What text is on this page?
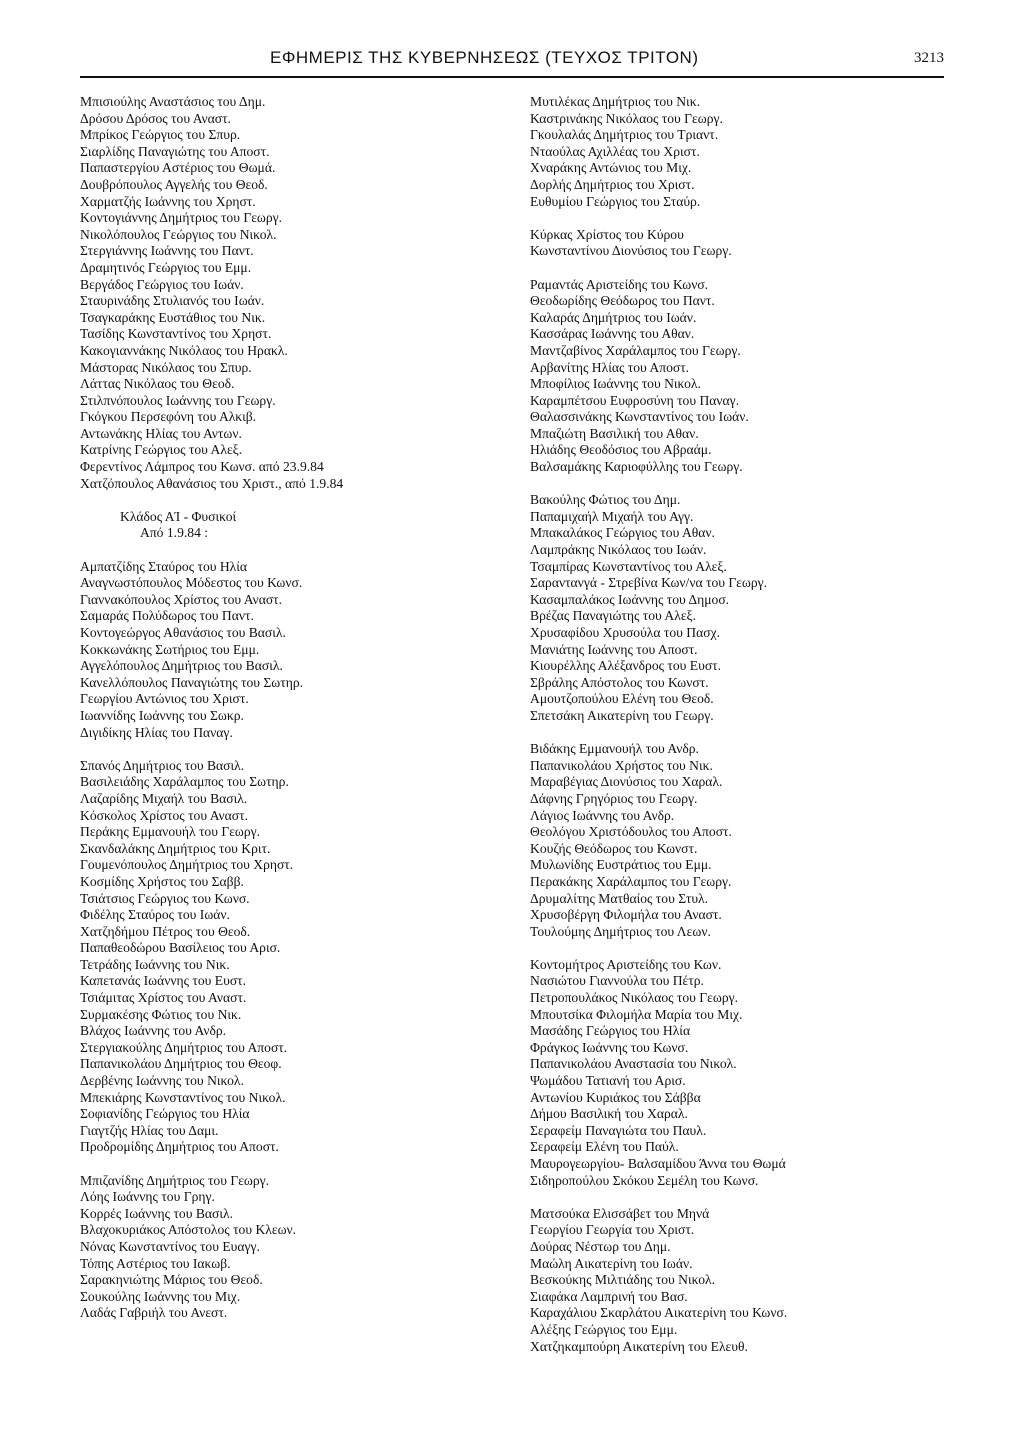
ΕΦΗΜΕΡΙΣ ΤΗΣ ΚΥΒΕΡΝΗΣΕΩΣ (ΤΕΥΧΟΣ ΤΡΙΤΟΝ)	3213
Μπισιούλης Αναστάσιος του Δημ.
Δρόσου Δρόσος του Αναστ.
Μπρίκος Γεώργιος του Σπυρ.
Σιαρλίδης Παναγιώτης του Αποστ.
Παπαστεργίου Αστέριος του Θωμά.
Δουβρόπουλος Αγγελής του Θεοδ.
Χαρματζής Ιωάννης του Χρηστ.
Κοντογιάννης Δημήτριος του Γεωργ.
Νικολόπουλος Γεώργιος του Νικολ.
Στεργιάννης Ιωάννης του Παντ.
Δραμητινός Γεώργιος του Εμμ.
Βεργάδος Γεώργιος του Ιωάν.
Σταυρινάδης Στυλιανός του Ιωάν.
Τσαγκαράκης Ευστάθιος του Νικ.
Τασίδης Κωνσταντίνος του Χρηστ.
Κακογιαννάκης Νικόλαος του Ηρακλ.
Μάστορας Νικόλαος του Σπυρ.
Λάττας Νικόλαος του Θεοδ.
Στιλπνόπουλος Ιωάννης του Γεωργ.
Γκόγκου Περσεφόνη του Αλκιβ.
Αντωνάκης Ηλίας του Αντων.
Κατρίνης Γεώργιος του Αλεξ.
Φερεντίνος Λάμπρος του Κωνσ. από 23.9.84
Χατζόπουλος Αθανάσιος του Χριστ., από 1.9.84
Κλάδος ΑΊ - Φυσικοί
Από 1.9.84 :
Αμπατζίδης Σταύρος του Ηλία
Αναγνωστόπουλος Μόδεστος του Κωνσ.
Γιαννακόπουλος Χρίστος του Αναστ.
Σαμαράς Πολύδωρος του Παντ.
Κοντογεώργος Αθανάσιος του Βασιλ.
Κοκκωνάκης Σωτήριος του Εμμ.
Αγγελόπουλος Δημήτριος του Βασιλ.
Κανελλόπουλος Παναγιώτης του Σωτηρ.
Γεωργίου Αντώνιος του Χριστ.
Ιωαννίδης Ιωάννης του Σωκρ.
Διγιδίκης Ηλίας του Παναγ.
Σπανός Δημήτριος του Βασιλ.
Βασιλειάδης Χαράλαμπος του Σωτηρ.
Λαζαρίδης Μιχαήλ του Βασιλ.
Κόσκολος Χρίστος του Αναστ.
Περάκης Εμμανουήλ του Γεωργ.
Σκανδαλάκης Δημήτριος του Κριτ.
Γουμενόπουλος Δημήτριος του Χρηστ.
Κοσμίδης Χρήστος του Σαββ.
Τσιάτσιος Γεώργιος του Κωνσ.
Φιδέλης Σταύρος του Ιωάν.
Χατζηδήμου Πέτρος του Θεοδ.
Παπαθεοδώρου Βασίλειος του Αρισ.
Τετράδης Ιωάννης του Νικ.
Καπετανάς Ιωάννης του Ευστ.
Τσιάμιτας Χρίστος του Αναστ.
Συρμακέσης Φώτιος του Νικ.
Βλάχος Ιωάννης του Ανδρ.
Στεργιακούλης Δημήτριος του Αποστ.
Παπανικολάου Δημήτριος του Θεοφ.
Δερβένης Ιωάννης του Νικολ.
Μπεκιάρης Κωνσταντίνος του Νικολ.
Σοφιανίδης Γεώργιος του Ηλία
Γιαγτζής Ηλίας του Δαμι.
Προδρομίδης Δημήτριος του Αποστ.
Μπιζανίδης Δημήτριος του Γεωργ.
Λόης Ιωάννης του Γρηγ.
Κορρές Ιωάννης του Βασιλ.
Βλαχοκυριάκος Απόστολος του Κλεων.
Νόνας Κωνσταντίνος του Ευαγγ.
Τόπης Αστέριος του Ιακωβ.
Σαρακηνιώτης Μάριος του Θεοδ.
Σουκούλης Ιωάννης του Μιχ.
Λαδάς Γαβριήλ του Ανεστ.
Μυτιλέκας Δημήτριος του Νικ.
Καστρινάκης Νικόλαος του Γεωργ.
Γκουλαλάς Δημήτριος του Τριαντ.
Νταούλας Αχιλλέας του Χριστ.
Χναράκης Αντώνιος του Μιχ.
Δορλής Δημήτριος του Χριστ.
Ευθυμίου Γεώργιος του Σταύρ.
Κύρκας Χρίστος του Κύρου
Κωνσταντίνου Διονύσιος του Γεωργ.
Ραμαντάς Αριστείδης του Κωνσ.
Θεοδωρίδης Θεόδωρος του Παντ.
Καλαράς Δημήτριος του Ιωάν.
Κασσάρας Ιωάννης του Αθαν.
Μαντζαβίνος Χαράλαμπος του Γεωργ.
Αρβανίτης Ηλίας του Αποστ.
Μποφίλιος Ιωάννης του Νικολ.
Καραμπέτσου Ευφροσύνη του Παναγ.
Θαλασσινάκης Κωνσταντίνος του Ιωάν.
Μπαζιώτη Βασιλική του Αθαν.
Ηλιάδης Θεοδόσιος του Αβραάμ.
Βαλσαμάκης Καριοφύλλης του Γεωργ.
Βακούλης Φώτιος του Δημ.
Παπαμιχαήλ Μιχαήλ του Αγγ.
Μπακαλάκος Γεώργιος του Αθαν.
Λαμπράκης Νικόλαος του Ιωάν.
Τσαμπίρας Κωνσταντίνος του Αλεξ.
Σαραντανγά - Στρεβίνα Κων/να του Γεωργ.
Κασαμπαλάκος Ιωάννης του Δημοσ.
Βρέζας Παναγιώτης του Αλεξ.
Χρυσαφίδου Χρυσούλα του Πασχ.
Μανιάτης Ιωάννης του Αποστ.
Κιουρέλλης Αλέξανδρος του Ευστ.
Σβράλης Απόστολος του Κωνστ.
Αμουτζοπούλου Ελένη του Θεοδ.
Σπετσάκη Αικατερίνη του Γεωργ.
Βιδάκης Εμμανουήλ του Ανδρ.
Παπανικολάου Χρήστος του Νικ.
Μαραβέγιας Διονύσιος του Χαραλ.
Δάφνης Γρηγόριος του Γεωργ.
Λάγιος Ιωάννης του Ανδρ.
Θεολόγου Χριστόδουλος του Αποστ.
Κουζής Θεόδωρος του Κωνστ.
Μυλωνίδης Ευστράτιος του Εμμ.
Περακάκης Χαράλαμπος του Γεωργ.
Δρυμαλίτης Ματθαίος του Στυλ.
Χρυσοβέργη Φιλομήλα του Αναστ.
Τουλούμης Δημήτριος του Λεων.
Κοντομήτρος Αριστείδης του Κων.
Νασιώτου Γιαννούλα του Πέτρ.
Πετροπουλάκος Νικόλαος του Γεωργ.
Μπουτσίκα Φιλομήλα Μαρία του Μιχ.
Μασάδης Γεώργιος του Ηλία
Φράγκος Ιωάννης του Κωνσ.
Παπανικολάου Αναστασία του Νικολ.
Ψωμάδου Τατιανή του Αρισ.
Αντωνίου Κυριάκος του Σάββα
Δήμου Βασιλική του Χαραλ.
Σεραφείμ Παναγιώτα του Παυλ.
Σεραφείμ Ελένη του Παύλ.
Μαυρογεωργίου- Βαλσαμίδου Άννα του Θωμά
Σιδηροπούλου Σκόκου Σεμέλη του Κωνσ.
Ματσούκα Ελισσάβετ του Μηνά
Γεωργίου Γεωργία του Χριστ.
Δούρας Νέστωρ του Δημ.
Μαώλη Αικατερίνη του Ιωάν.
Βεσκούκης Μιλτιάδης του Νικολ.
Σιαφάκα Λαμπρινή του Βασ.
Καραχάλιου Σκαρλάτου Αικατερίνη του Κωνσ.
Αλέξης Γεώργιος του Εμμ.
Χατζηκαμπούρη Αικατερίνη του Ελευθ.
